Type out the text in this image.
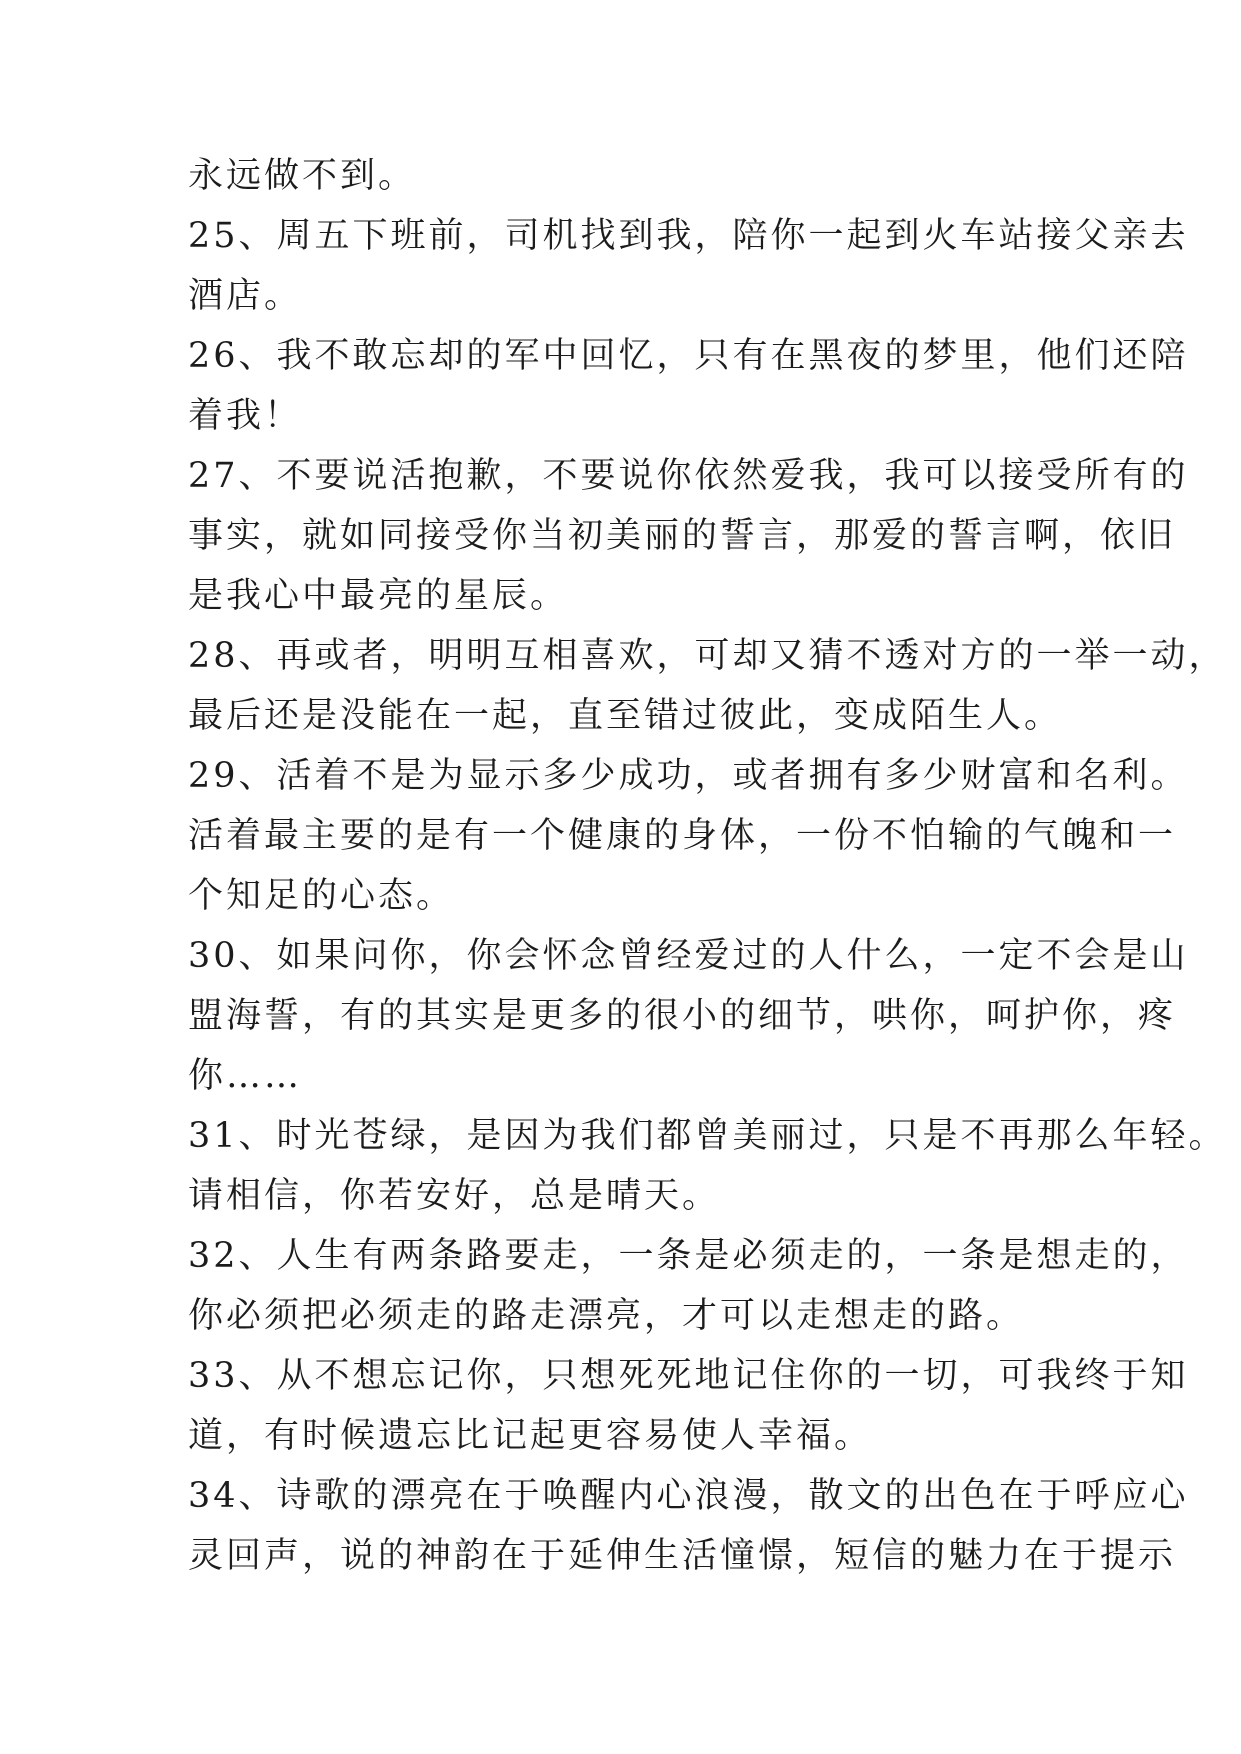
永远做不到。

25、周五下班前，司机找到我，陪你一起到火车站接父亲去

酒店。

26、我不敢忘却的军中回忆，只有在黑夜的梦里，他们还陪

着我！

27、不要说活抱歉，不要说你依然爱我，我可以接受所有的

事实，就如同接受你当初美丽的誓言，那爱的誓言啊，依旧

是我心中最亮的星辰。

28、再或者，明明互相喜欢，可却又猜不透对方的一举一动，

最后还是没能在一起，直至错过彼此，变成陌生人。

29、活着不是为显示多少成功，或者拥有多少财富和名利。

活着最主要的是有一个健康的身体，一份不怕输的气魄和一

个知足的心态。

30、如果问你，你会怀念曾经爱过的人什么，一定不会是山

盟海誓，有的其实是更多的很小的细节，哄你，呵护你，疼

你……

31、时光苍绿，是因为我们都曾美丽过，只是不再那么年轻。

请相信，你若安好，总是晴天。

32、人生有两条路要走，一条是必须走的，一条是想走的，

你必须把必须走的路走漂亮，才可以走想走的路。

33、从不想忘记你，只想死死地记住你的一切，可我终于知

道，有时候遗忘比记起更容易使人幸福。

34、诗歌的漂亮在于唤醒内心浪漫，散文的出色在于呼应心

灵回声，说的神韵在于延伸生活憧憬，短信的魅力在于提示
